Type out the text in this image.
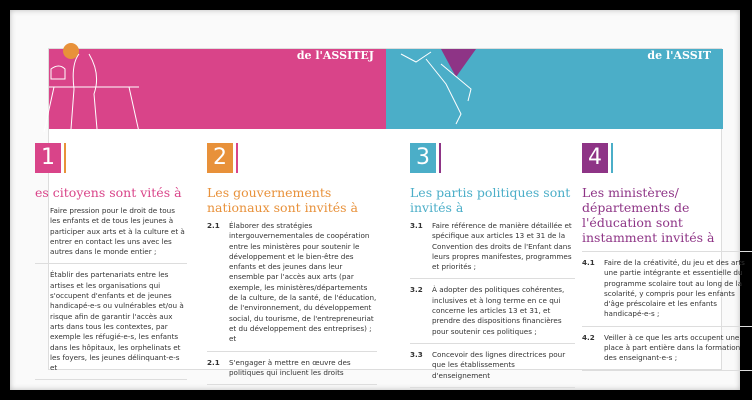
de l'ASSITEJ	de l'ASSIT
1
es citoyens sont vités à
Faire pression pour le droit de tous les enfants et de tous les jeunes à participer aux arts et à la culture et à entrer en contact les uns avec les autres dans le monde entier ;
Établir des partenariats entre les artises et les organisations qui s'occupent d'enfants et de jeunes handicapé-e-s ou vulnérables et/ou à risque afin de garantir l'accès aux arts dans tous les contextes, par exemple les réfugié-e-s, les enfants dans les hôpitaux, les orphelinats et les foyers, les jeunes délinquant-e-s et
2
Les gouvernements nationaux sont invités à
2.1	Élaborer des stratégies intergouvernementales de coopération entre les ministères pour soutenir le développement et le bien-être des enfants et des jeunes dans leur ensemble par l'accès aux arts (par exemple, les ministères/départements de la culture, de la santé, de l'éducation, de l'environnement, du développement social, du tourisme, de l'entrepreneuriat et du développement des entreprises) ; et
2.1	S'engager à mettre en œuvre des politiques qui incluent les droits
3
Les partis politiques sont invités à
3.1	Faire référence de manière détaillée et spécifique aux articles 13 et 31 de la Convention des droits de l'Enfant dans leurs propres manifestes, programmes et priorités ;
3.2	À adopter des politiques cohérentes, inclusives et à long terme en ce qui concerne les articles 13 et 31, et prendre des dispositions financières pour soutenir ces politiques ;
3.3	Concevoir des lignes directrices pour que les établissements d'enseignement
4
Les ministères/ départements de l'éducation sont instamment invités à
4.1	Faire de la créativité, du jeu et des arts une partie intégrante et essentielle du programme scolaire tout au long de la scolarité, y compris pour les enfants d'âge préscolaire et les enfants handicapé-e-s ;
4.2	Veiller à ce que les arts occupent une place à part entière dans la formation des enseignant-e-s ;
